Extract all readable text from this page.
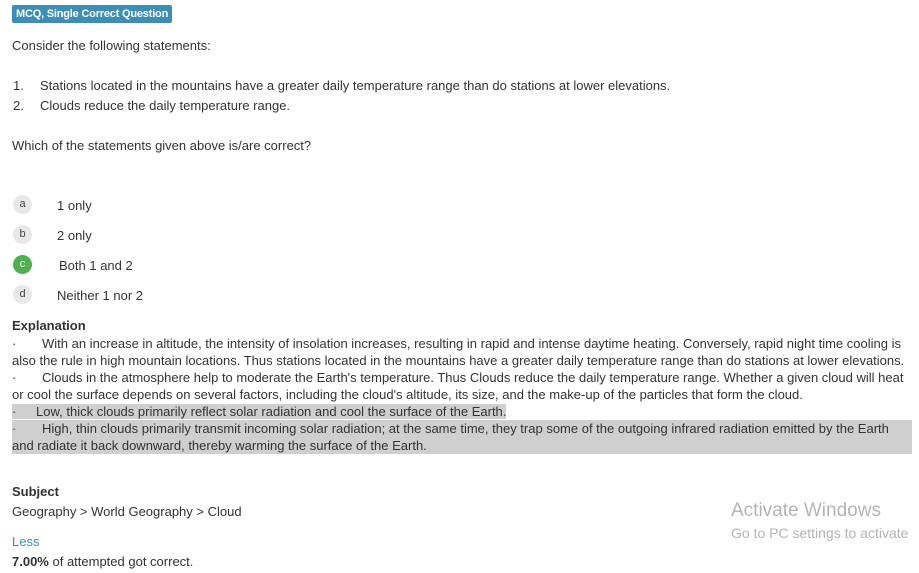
MCQ, Single Correct Question
Consider the following statements:
1. Stations located in the mountains have a greater daily temperature range than do stations at lower elevations.
2. Clouds reduce the daily temperature range.
Which of the statements given above is/are correct?
a	1 only
b	2 only
c	Both 1 and 2
d	Neither 1 nor 2
Explanation

· With an increase in altitude, the intensity of insolation increases, resulting in rapid and intense daytime heating. Conversely, rapid night time cooling is also the rule in high mountain locations. Thus stations located in the mountains have a greater daily temperature range than do stations at lower elevations.

· Clouds in the atmosphere help to moderate the Earth's temperature. Thus Clouds reduce the daily temperature range. Whether a given cloud will heat or cool the surface depends on several factors, including the cloud's altitude, its size, and the make-up of the particles that form the cloud.

· Low, thick clouds primarily reflect solar radiation and cool the surface of the Earth.

· High, thin clouds primarily transmit incoming solar radiation; at the same time, they trap some of the outgoing infrared radiation emitted by the Earth and radiate it back downward, thereby warming the surface of the Earth.

Subject
Geography > World Geography > Cloud
Less
7.00% of attempted got correct.
Activate Windows
Go to PC settings to activate
